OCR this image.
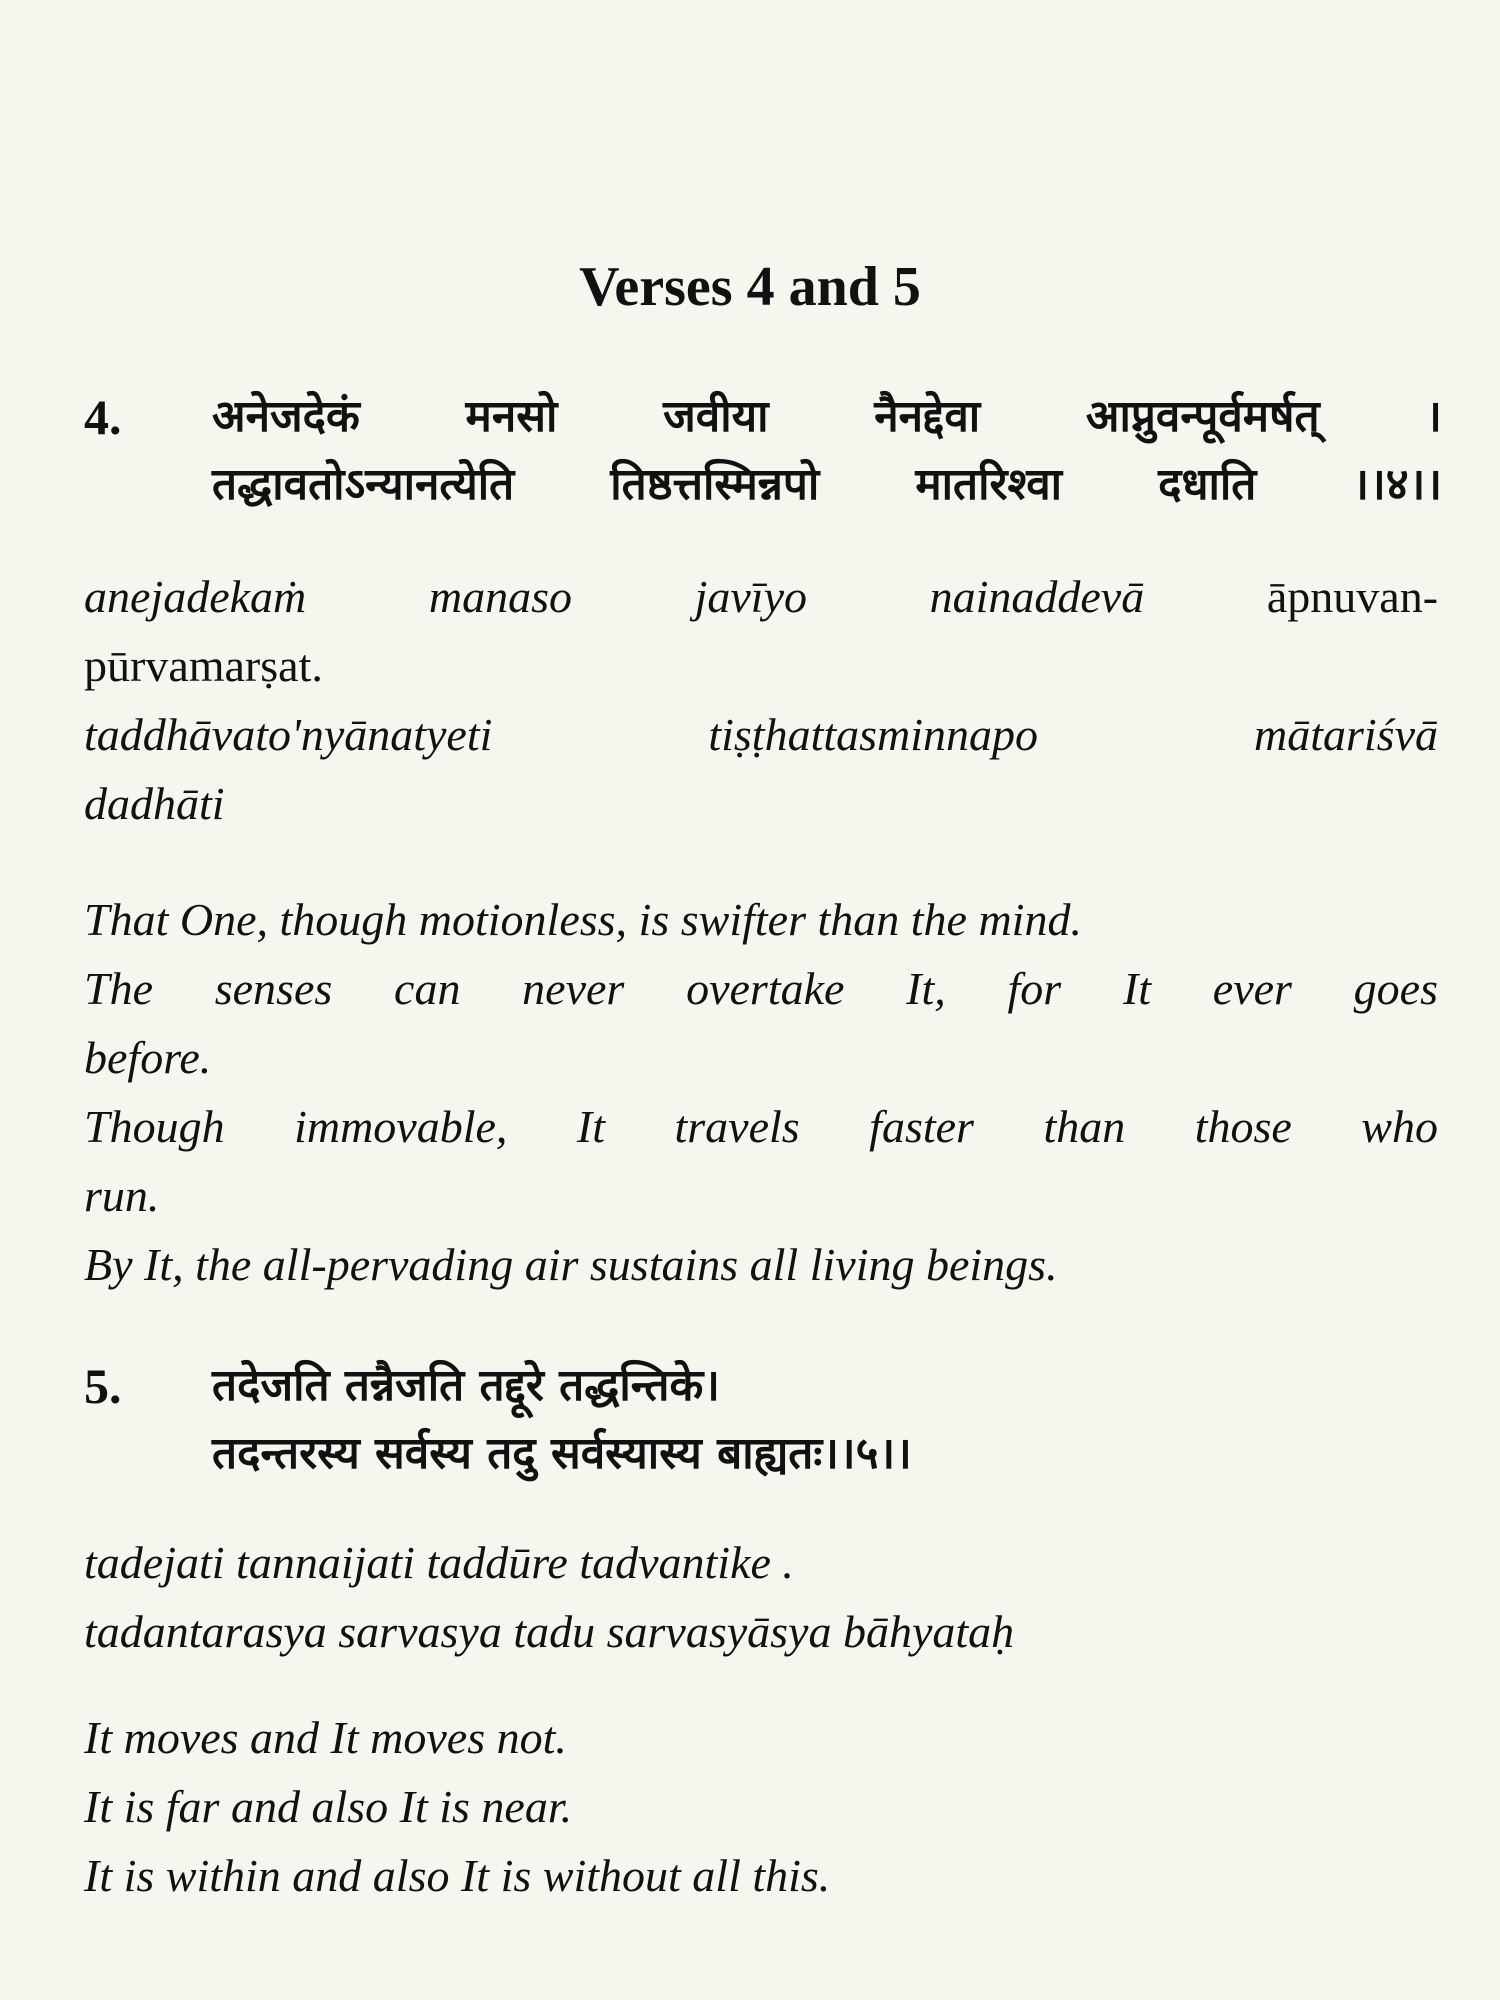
Verses 4 and 5
4. अनेजदेकं मनसो जवीया नैनद्देवा आप्नुवन्पूर्वमर्षत् ।
तद्धावतोऽन्यानत्येति तिष्ठत्तस्मिन्नपो मातरिश्वा दधाति ।।४।।
anejadekaṁ manaso javīyo nainaddevā	āpnuvan-
pūrvamarṣat.
taddhāvato'nyānatyeti tiṣṭhattasminnapo mātariśvā
dadhāti
That One, though motionless, is swifter than the mind.
The senses can never overtake It, for It ever goes
before.
Though immovable, It travels faster than those who
run.
By It, the all-pervading air sustains all living beings.
5. तदेजति तन्नैजति तद्दूरे तद्धन्तिके।
तदन्तरस्य सर्वस्य तदु सर्वस्यास्य बाह्यतः।।५।।
tadejati tannaijati taddūre tadvantike .
tadantarasya sarvasya tadu sarvasyāsya bāhyataḥ
It moves and It moves not.
It is far and also It is near.
It is within and also It is without all this.
